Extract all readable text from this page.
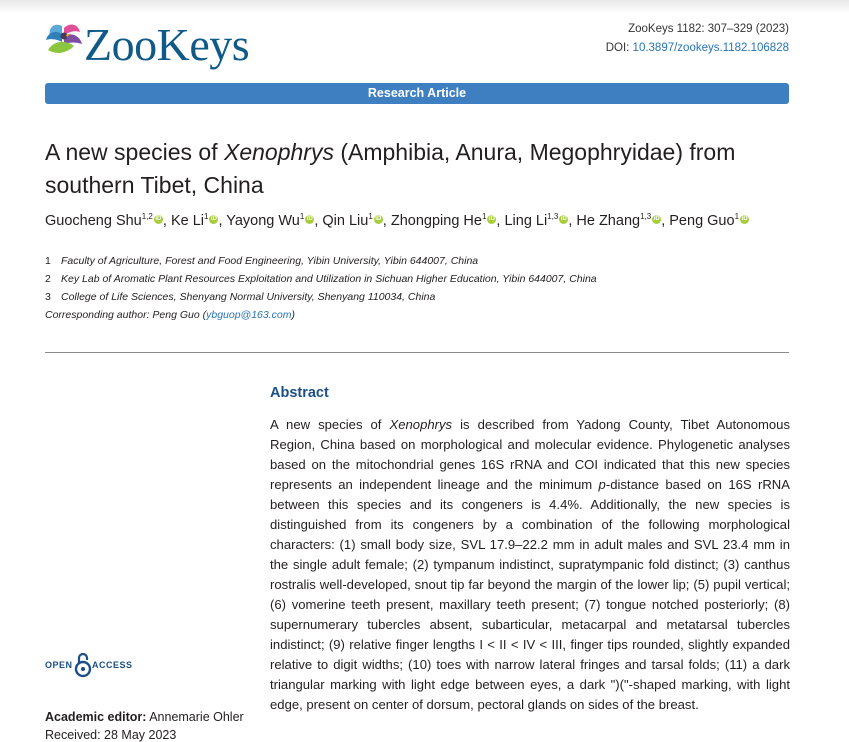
ZooKeys	ZooKeys 1182: 307–329 (2023)
DOI: 10.3897/zookeys.1182.106828
Research Article
A new species of Xenophrys (Amphibia, Anura, Megophryidae) from southern Tibet, China
Guocheng Shu$^{1,2}$ iD , Ke Li$^1$ iD , Yayong Wu$^1$ iD , Qin Liu$^1$ iD , Zhongping He$^1$ iD , Ling Li$^{1,3}$ iD , He Zhang$^{1,3}$ iD , Peng Guo$^1$ iD
1 Faculty of Agriculture, Forest and Food Engineering, Yibin University, Yibin 644007, China
2 Key Lab of Aromatic Plant Resources Exploitation and Utilization in Sichuan Higher Education, Yibin 644007, China
3 College of Life Sciences, Shenyang Normal University, Shenyang 110034, China
Corresponding author: Peng Guo (ybguop@163.com)
Abstract

A new species of Xenophrys is described from Yadong County, Tibet Autonomous Region, China based on morphological and molecular evidence. Phylogenetic analyses based on the mitochondrial genes 16S rRNA and COI indicated that this new species represents an independent lineage and the minimum p-distance based on 16S rRNA between this species and its congeners is 4.4%. Additionally, the new species is distinguished from its congeners by a combination of the following morphological characters: (1) small body size, SVL 17.9–22.2 mm in adult males and SVL 23.4 mm in the single adult female; (2) tympanum indistinct, supratympanic fold distinct; (3) canthus rostralis well-developed, snout tip far beyond the margin of the lower lip; (5) pupil vertical; (6) vomerine teeth present, maxillary teeth present; (7) tongue notched posteriorly; (8) supernumerary tubercles absent, subarticular, metacarpal and metatarsal tubercles indistinct; (9) relative finger lengths I < II < IV < III, finger tips rounded, slightly expanded relative to digit widths; (10) toes with narrow lateral fringes and tarsal folds; (11) a dark triangular marking with light edge between eyes, a dark ")("-shaped marking, with light edge, present on center of dorsum, pectoral glands on sides of the breast.

OPEN ACCESS
Academic editor: Annemarie Ohler
Received: 28 May 2023
